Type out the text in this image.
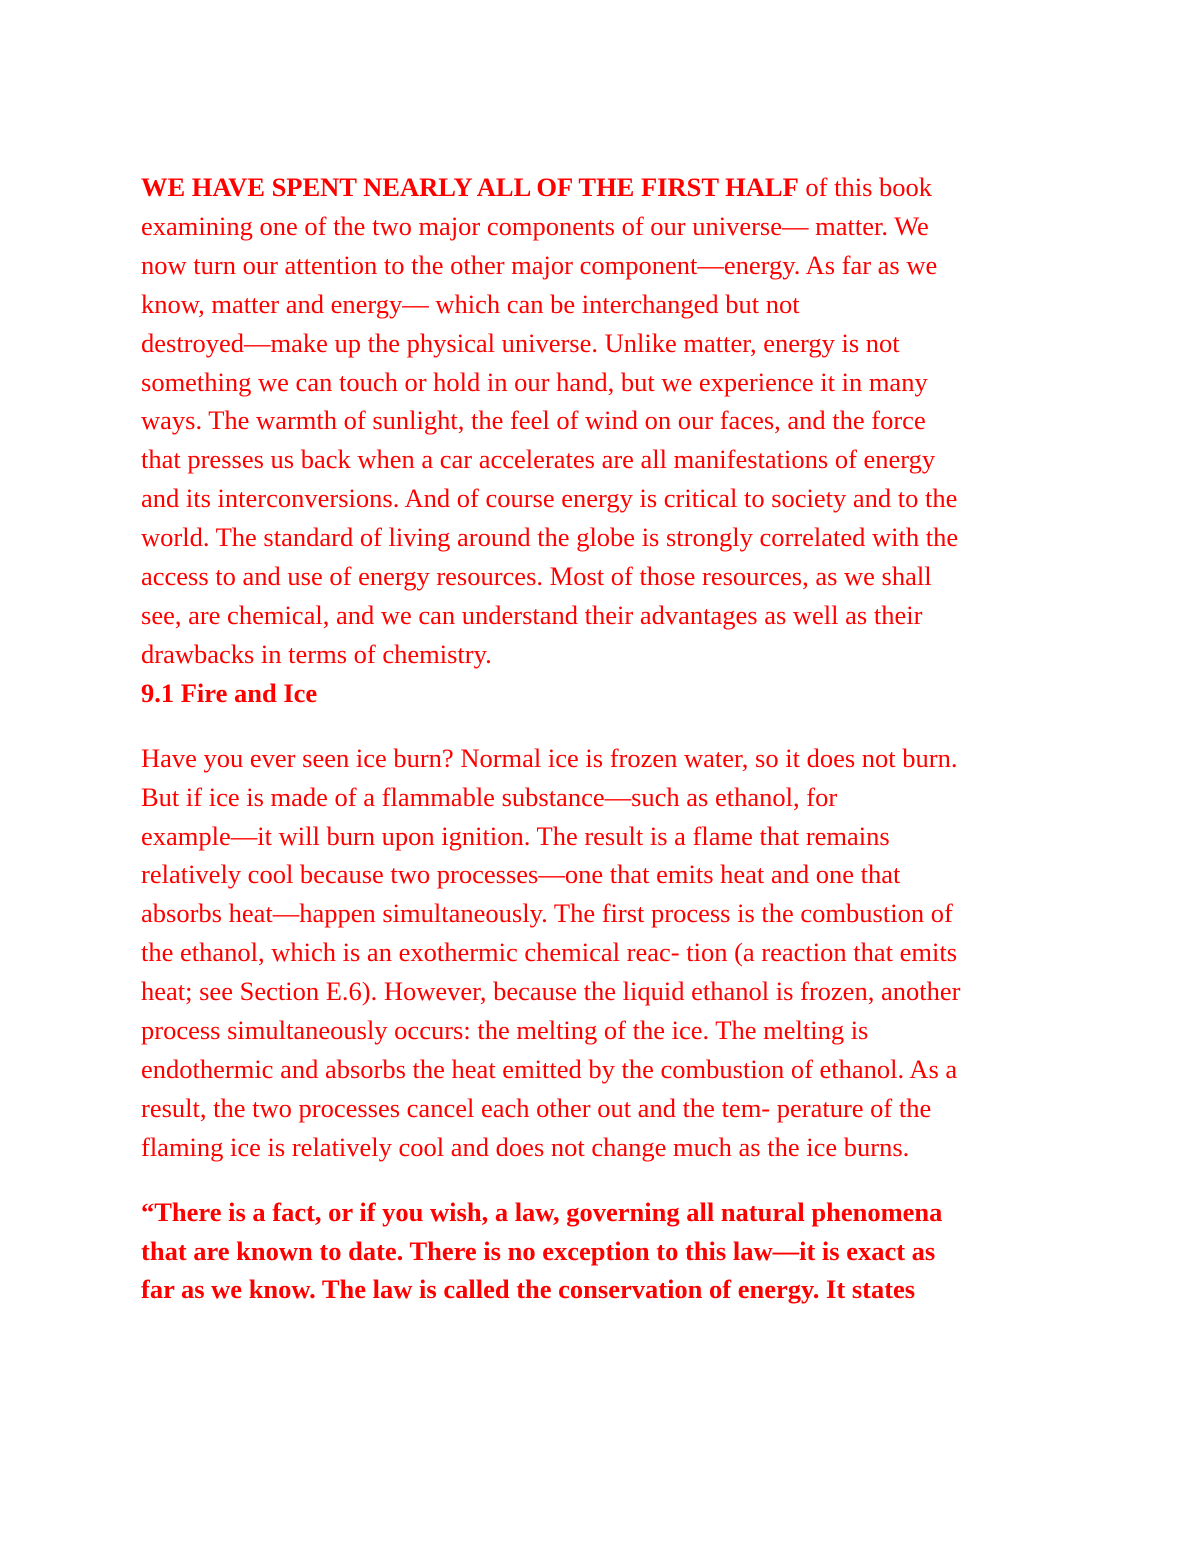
WE HAVE SPENT NEARLY ALL OF THE FIRST HALF of this book
examining one of the two major components of our universe— matter. We
now turn our attention to the other major component—energy. As far as we
know, matter and energy— which can be interchanged but not
destroyed—make up the physical universe. Unlike matter, energy is not
something we can touch or hold in our hand, but we experience it in many
ways. The warmth of sunlight, the feel of wind on our faces, and the force
that presses us back when a car accelerates are all manifestations of energy
and its interconversions. And of course energy is critical to society and to the
world. The standard of living around the globe is strongly correlated with the
access to and use of energy resources. Most of those resources, as we shall
see, are chemical, and we can understand their advantages as well as their
drawbacks in terms of chemistry.

9.1 Fire and Ice

Have you ever seen ice burn? Normal ice is frozen water, so it does not burn.
But if ice is made of a flammable substance—such as ethanol, for
example—it will burn upon ignition. The result is a flame that remains
relatively cool because two processes—one that emits heat and one that
absorbs heat—happen simultaneously. The first process is the combustion of
the ethanol, which is an exothermic chemical reac- tion (a reaction that emits
heat; see Section E.6). However, because the liquid ethanol is frozen, another
process simultaneously occurs: the melting of the ice. The melting is
endothermic and absorbs the heat emitted by the combustion of ethanol. As a
result, the two processes cancel each other out and the tem- perature of the
flaming ice is relatively cool and does not change much as the ice burns.

“There is a fact, or if you wish, a law, governing all natural phenomena
that are known to date. There is no exception to this law—it is exact as
far as we know. The law is called the conservation of energy. It states
